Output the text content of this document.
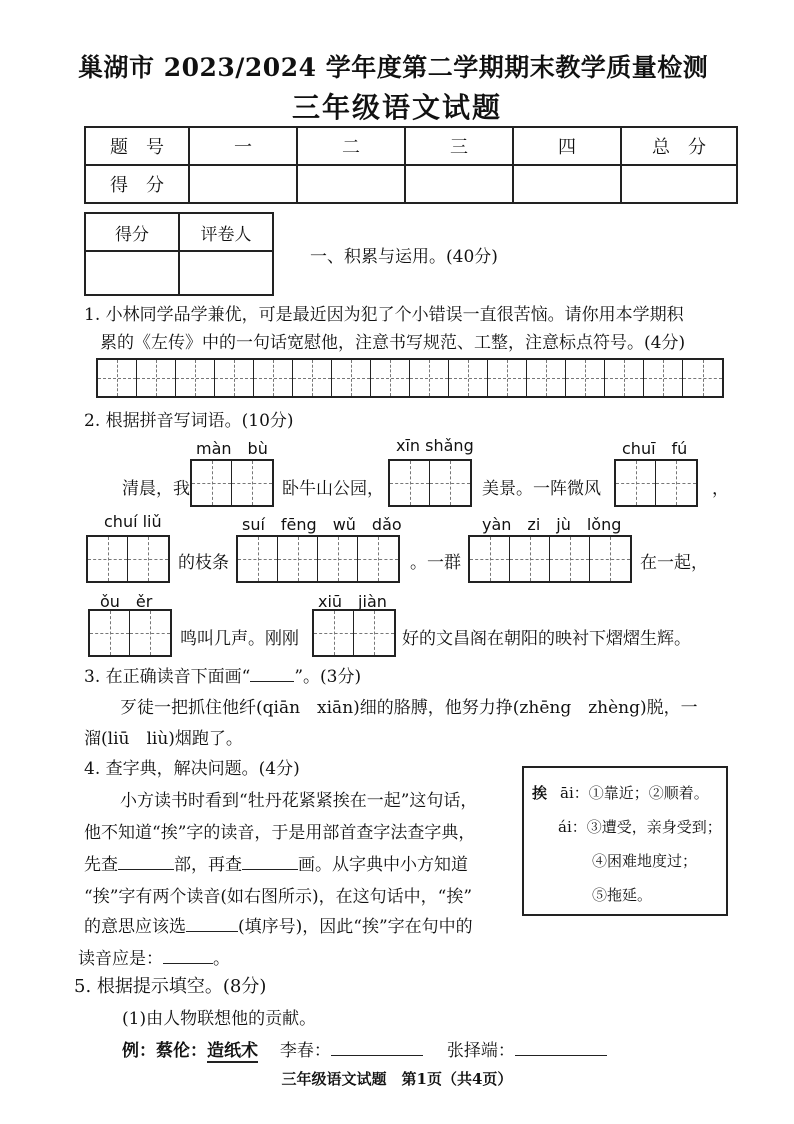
巢湖市 2023/2024 学年度第二学期期末教学质量检测
三年级语文试题
题　号	一	二	三	四	总　分
得　分					
得分	评卷人

一、积累与运用。(40分)
1. 小林同学品学兼优，可是最近因为犯了个小错误一直很苦恼。请你用本学期积
累的《左传》中的一句话宽慰他，注意书写规范、工整，注意标点符号。(4分)
2. 根据拼音写词语。(10分)
màn　bù	xīn shǎng	chuī　fú
清晨，我	卧牛山公园，	美景。一阵微风	，
chuí liǔ	suí　fēng　wǔ　dǎo	yàn　zi　jù　lǒng
的枝条	。一群	在一起，
ǒu　ěr	xiū　jiàn
鸣叫几声。刚刚	好的文昌阁在朝阳的映衬下熠熠生辉。
3. 在正确读音下面画“	”。(3分)
歹徒一把抓住他纤(qiān　xiān)细的胳膊，他努力挣(zhēng　zhèng)脱，一
溜(liū　liù)烟跑了。
4. 查字典，解决问题。(4分)
小方读书时看到“牡丹花紧紧挨在一起”这句话，
他不知道“挨”字的读音，于是用部首查字法查字典，
先查	部，再查	画。从字典中小方知道
“挨”字有两个读音(如右图所示)，在这句话中，“挨”
的意思应该选	(填序号)，因此“挨”字在句中的
读音应是：	。
挨 āi：①靠近；②顺着。
ái：③遭受，亲身受到；
④困难地度过；
⑤拖延。
5. 根据提示填空。(8分)
(1)由人物联想他的贡献。
例：蔡伦：造纸术 李春：	张择端：
三年级语文试题　第1页（共4页）
